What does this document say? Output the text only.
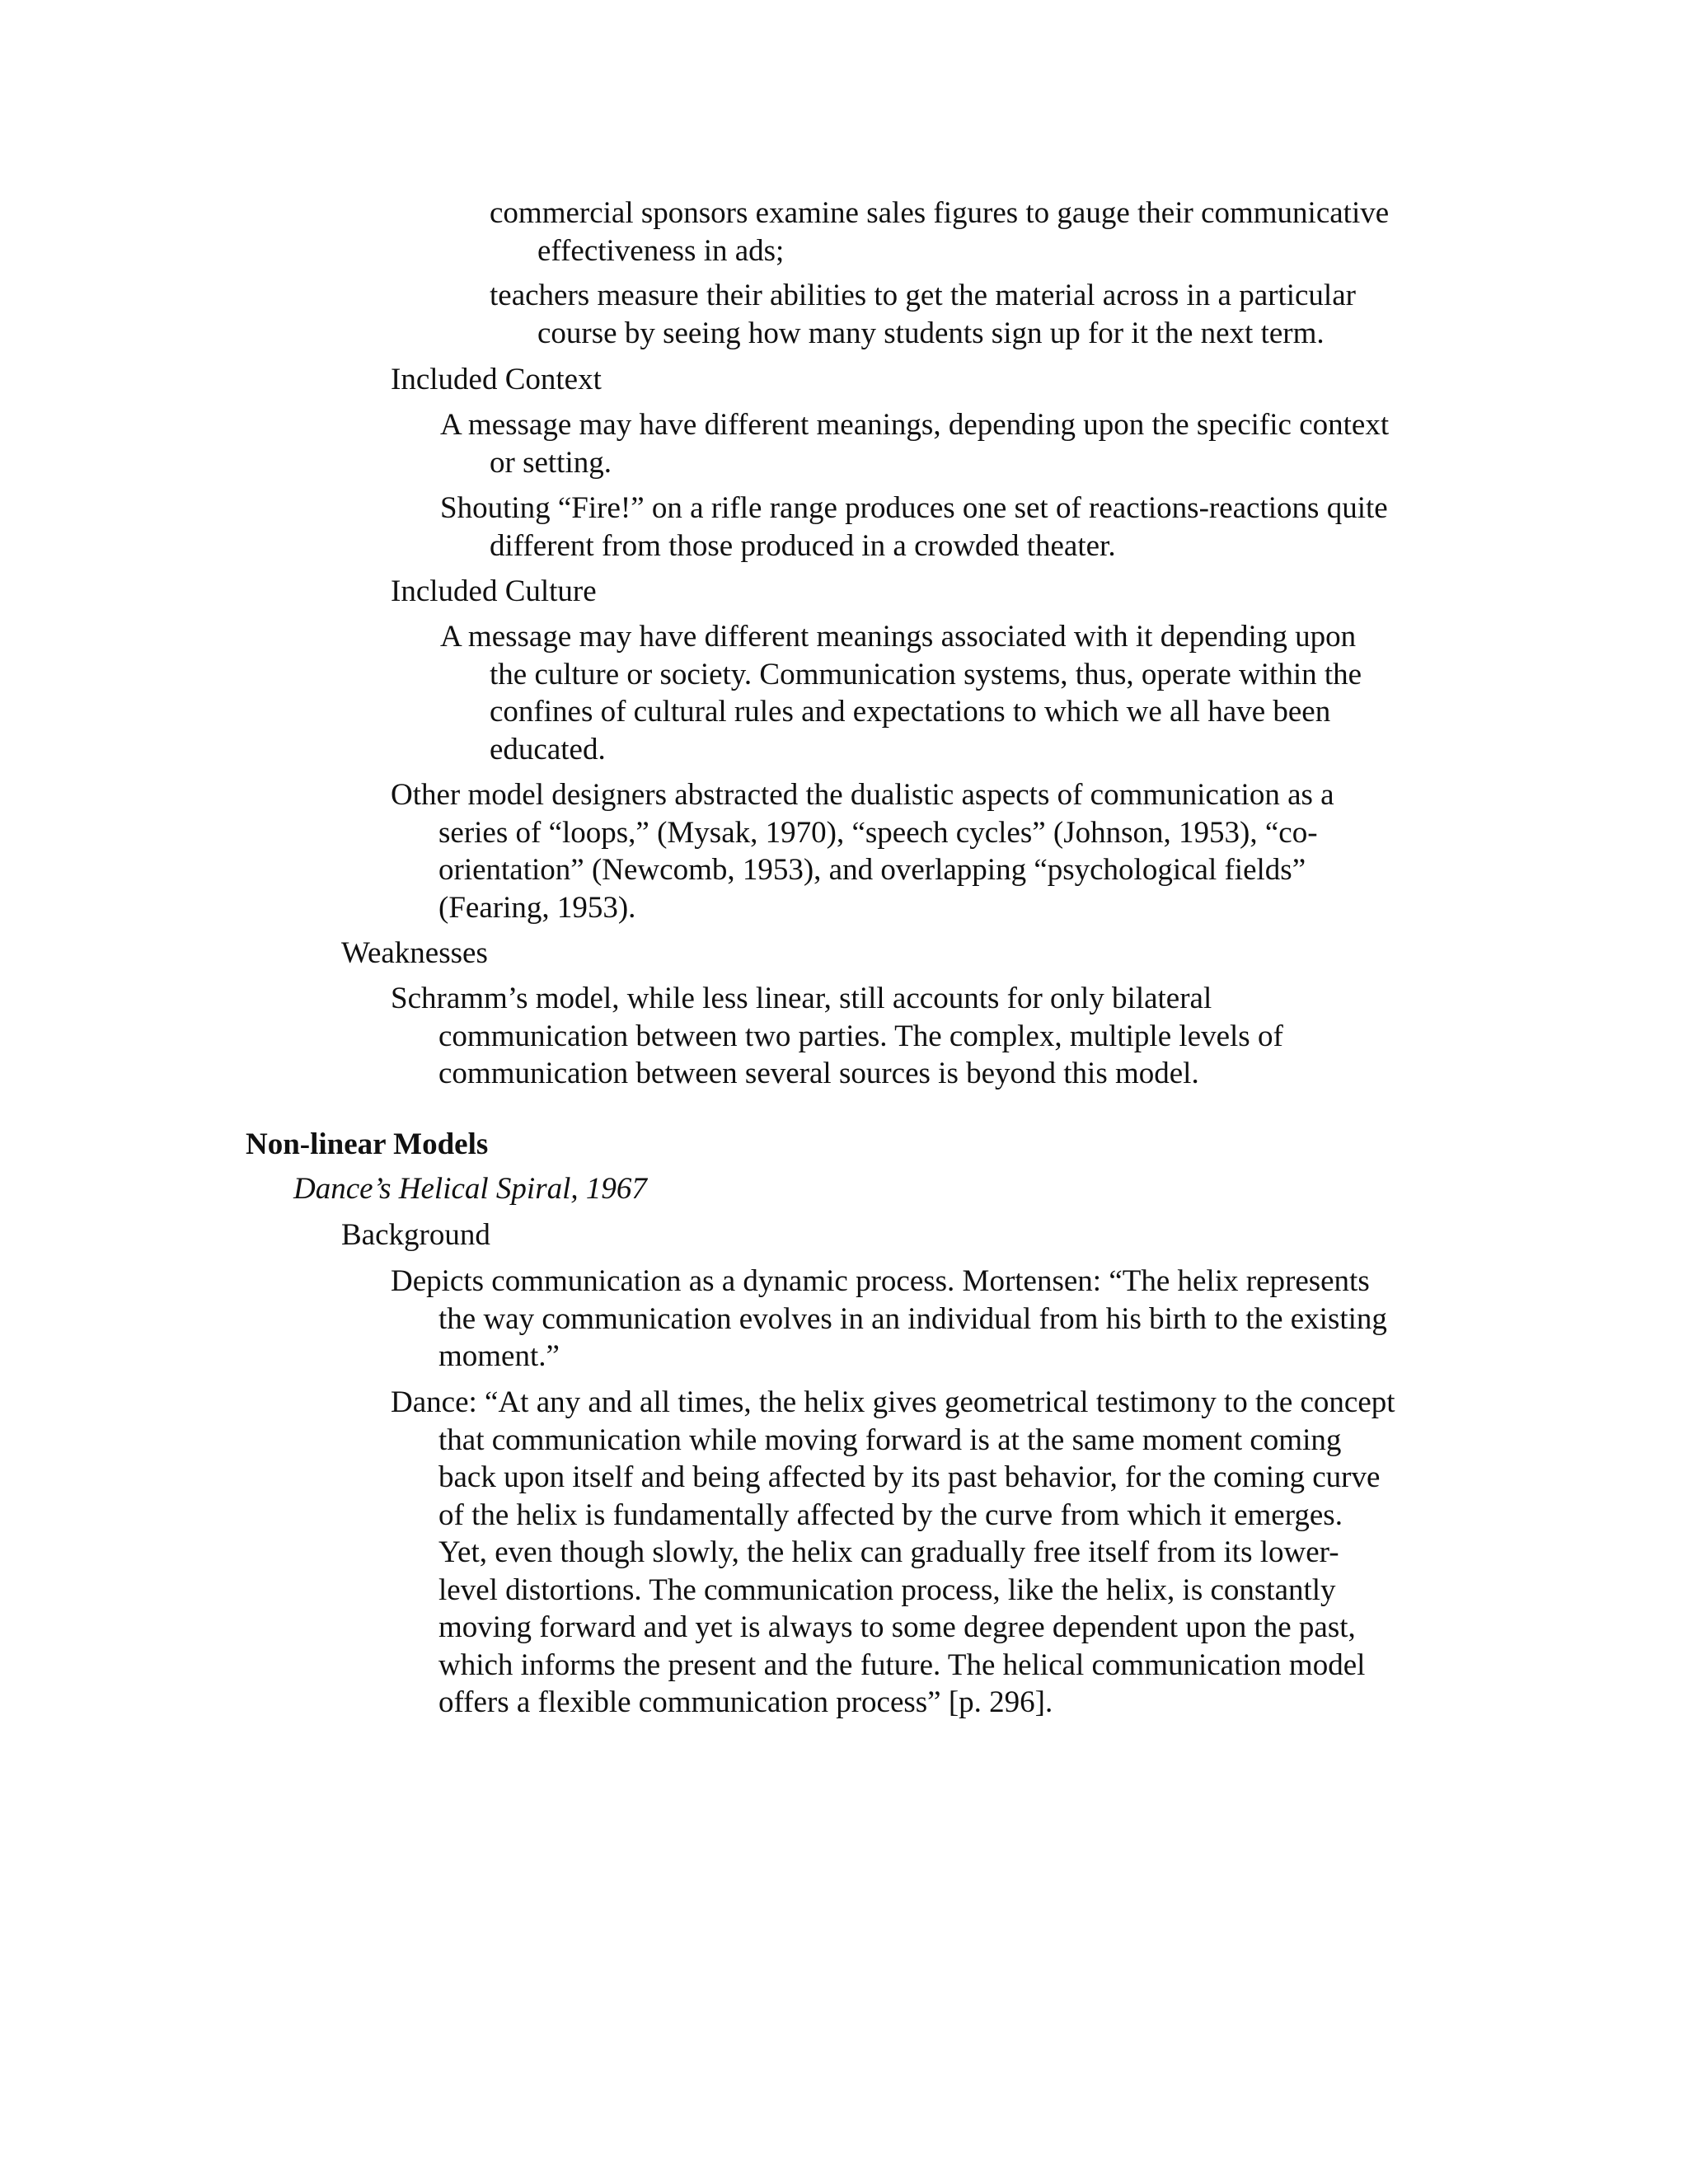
commercial sponsors examine sales figures to gauge their communicative
effectiveness in ads;
teachers measure their abilities to get the material across in a particular
course by seeing how many students sign up for it the next term.
Included Context
A message may have different meanings, depending upon the specific context
or setting.
Shouting “Fire!” on a rifle range produces one set of reactions-reactions quite
different from those produced in a crowded theater.
Included Culture
A message may have different meanings associated with it depending upon
the culture or society. Communication systems, thus, operate within the
confines of cultural rules and expectations to which we all have been
educated.
Other model designers abstracted the dualistic aspects of communication as a
series of “loops,” (Mysak, 1970), “speech cycles” (Johnson, 1953), “co-
orientation” (Newcomb, 1953), and overlapping “psychological fields”
(Fearing, 1953).
Weaknesses
Schramm’s model, while less linear, still accounts for only bilateral
communication between two parties. The complex, multiple levels of
communication between several sources is beyond this model.
Non-linear Models
Dance’s Helical Spiral, 1967
Background
Depicts communication as a dynamic process. Mortensen: “The helix represents
the way communication evolves in an individual from his birth to the existing
moment.”
Dance: “At any and all times, the helix gives geometrical testimony to the concept
that communication while moving forward is at the same moment coming
back upon itself and being affected by its past behavior, for the coming curve
of the helix is fundamentally affected by the curve from which it emerges.
Yet, even though slowly, the helix can gradually free itself from its lower-
level distortions. The communication process, like the helix, is constantly
moving forward and yet is always to some degree dependent upon the past,
which informs the present and the future. The helical communication model
offers a flexible communication process” [p. 296].
